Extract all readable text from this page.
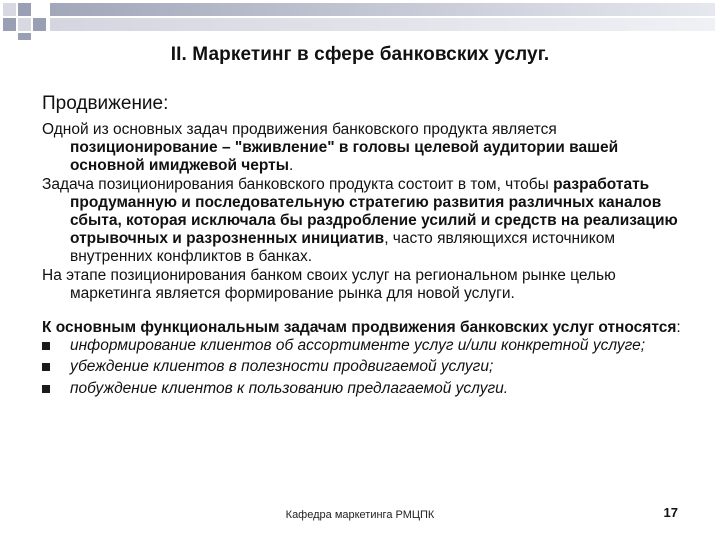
II. Маркетинг в сфере банковских услуг.
Продвижение:

Одной из основных задач продвижения банковского продукта является позиционирование – "вживление" в головы целевой аудитории вашей основной имиджевой черты.

Задача позиционирования банковского продукта состоит в том, чтобы разработать продуманную и последовательную стратегию развития различных каналов сбыта, которая исключала бы раздробление усилий и средств на реализацию отрывочных и разрозненных инициатив, часто являющихся источником внутренних конфликтов в банках.

На этапе позиционирования банком своих услуг на региональном рынке целью маркетинга является формирование рынка для новой услуги.

К основным функциональным задачам продвижения банковских услуг относятся:

информирование клиентов об ассортименте услуг и/или конкретной услуге;
убеждение клиентов в полезности продвигаемой услуги;
побуждение клиентов к пользованию предлагаемой услуги.
Кафедра маркетинга РМЦПК	17
